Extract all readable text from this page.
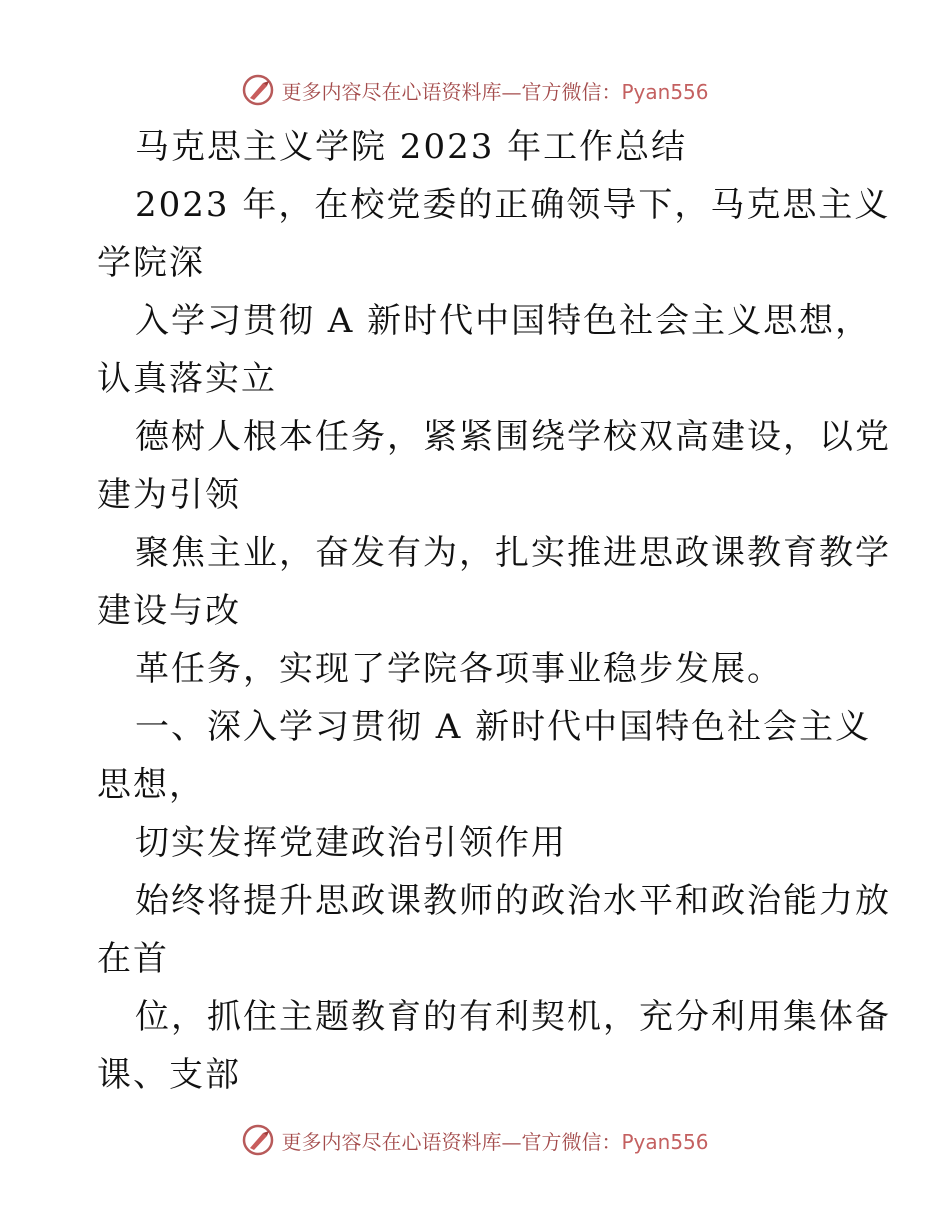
更多内容尽在心语资料库—官方微信：Pyan556
马克思主义学院 2023 年工作总结
2023 年，在校党委的正确领导下，马克思主义
学院深
入学习贯彻 A 新时代中国特色社会主义思想，
认真落实立
德树人根本任务，紧紧围绕学校双高建设，以党
建为引领
聚焦主业，奋发有为，扎实推进思政课教育教学
建设与改
革任务，实现了学院各项事业稳步发展。
一、深入学习贯彻 A 新时代中国特色社会主义
思想，
切实发挥党建政治引领作用
始终将提升思政课教师的政治水平和政治能力放
在首
位，抓住主题教育的有利契机，充分利用集体备
课、支部
更多内容尽在心语资料库—官方微信：Pyan556
